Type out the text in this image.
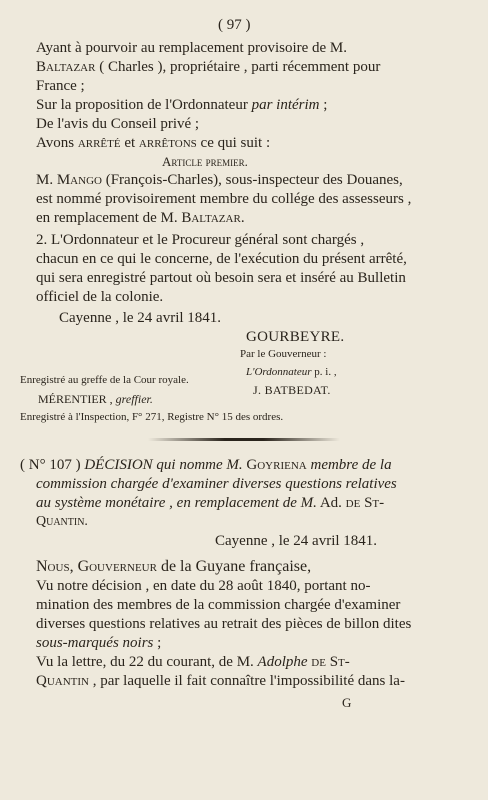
( 97 )
Ayant à pourvoir au remplacement provisoire de M.
Baltazar ( Charles ), propriétaire , parti récemment pour
France ;
Sur la proposition de l'Ordonnateur par intérim ;
De l'avis du Conseil privé ;
Avons arrêté et arrêtons ce qui suit :
Article premier.
M. Mango (François-Charles), sous-inspecteur des Douanes,
est nommé provisoirement membre du collége des assesseurs ,
en remplacement de M. Baltazar.
2. L'Ordonnateur et le Procureur général sont chargés ,
chacun en ce qui le concerne, de l'exécution du présent arrêté,
qui sera enregistré partout où besoin sera et inséré au Bulletin
officiel de la colonie.
Cayenne , le 24 avril 1841.
GOURBEYRE.
Par le Gouverneur :
L'Ordonnateur p. i. ,
J. BATBEDAT.
Enregistré au greffe de la Cour royale.
MÉRENTIER , greffier.
Enregistré à l'Inspection, F° 271, Registre N° 15 des ordres.
( N° 107 ) DÉCISION qui nomme M. Goyriena membre de la
commission chargée d'examiner diverses questions relatives
au système monétaire , en remplacement de M. Ad. de St-
Quantin.
Cayenne , le 24 avril 1841.
Nous, Gouverneur de la Guyane française,
Vu notre décision , en date du 28 août 1840, portant no-
mination des membres de la commission chargée d'examiner
diverses questions relatives au retrait des pièces de billon dites
sous-marqués noirs ;
Vu la lettre, du 22 du courant, de M. Adolphe de St-
Quantin , par laquelle il fait connaître l'impossibilité dans la-
G
